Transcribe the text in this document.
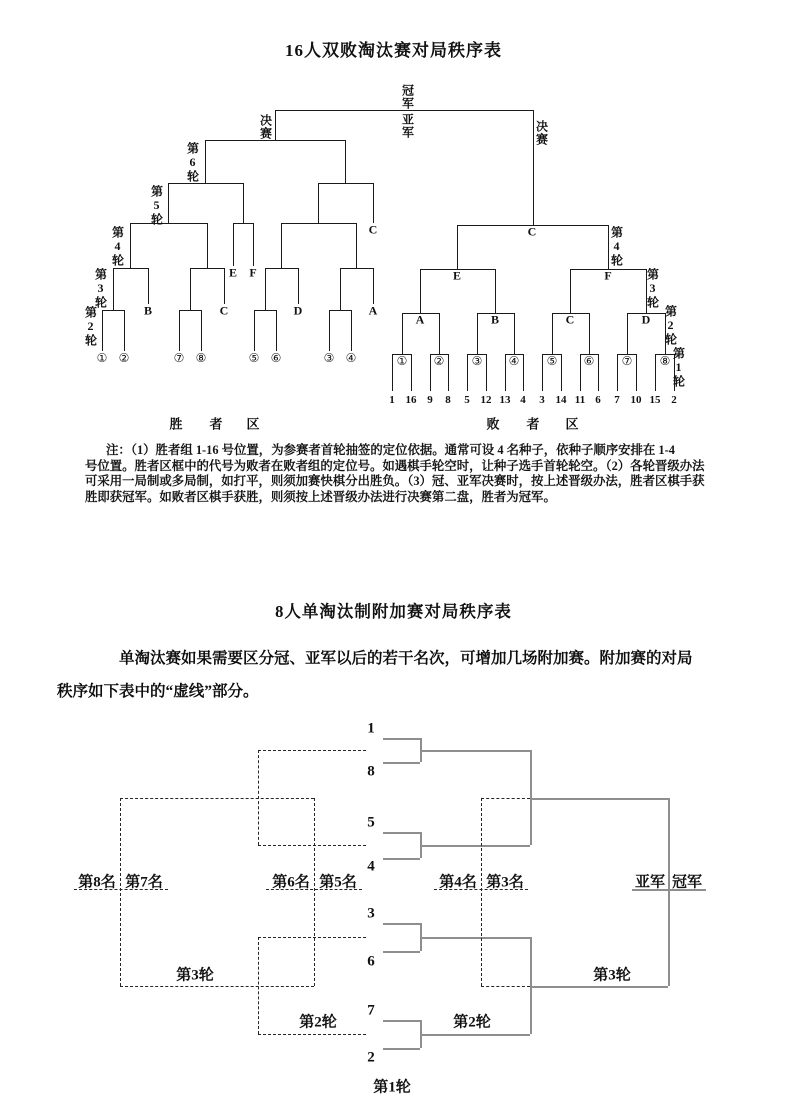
16人双败淘汰赛对局秩序表
B	C	D	A
E F
C
① ②	⑦ ⑧	⑤ ⑥	③ ④	① ② ③ ④ ⑤ ⑥ ⑦ ⑧
A	B	C	D
E	F
C
1 16 9 8 5 12 13 4 3 14 11 6 7 10 15 2
冠军
亚军
决赛	决赛
第6轮
第5轮
第4轮
第3轮
第2轮
第4轮
第3轮
第2轮
第1轮
胜 者 区	败 者 区
注：（1）胜者组 1-16 号位置，为参赛者首轮抽签的定位依据。通常可设 4 名种子，依种子顺序安排在 1-4
号位置。胜者区框中的代号为败者在败者组的定位号。如遇棋手轮空时，让种子选手首轮轮空。（2）各轮晋级办法
可采用一局制或多局制，如打平，则须加赛快棋分出胜负。（3）冠、亚军决赛时，按上述晋级办法，胜者区棋手获
胜即获冠军。如败者区棋手获胜，则须按上述晋级办法进行决赛第二盘，胜者为冠军。
8人单淘汰制附加赛对局秩序表
单淘汰赛如果需要区分冠、亚军以后的若干名次，可增加几场附加赛。附加赛的对局
秩序如下表中的“虚线”部分。
1
8
5
4
3
6
7
2
第8名 第7名	第6名 第5名	第4名 第3名	亚军 冠军
第3轮	第3轮
第2轮	第2轮
第1轮
